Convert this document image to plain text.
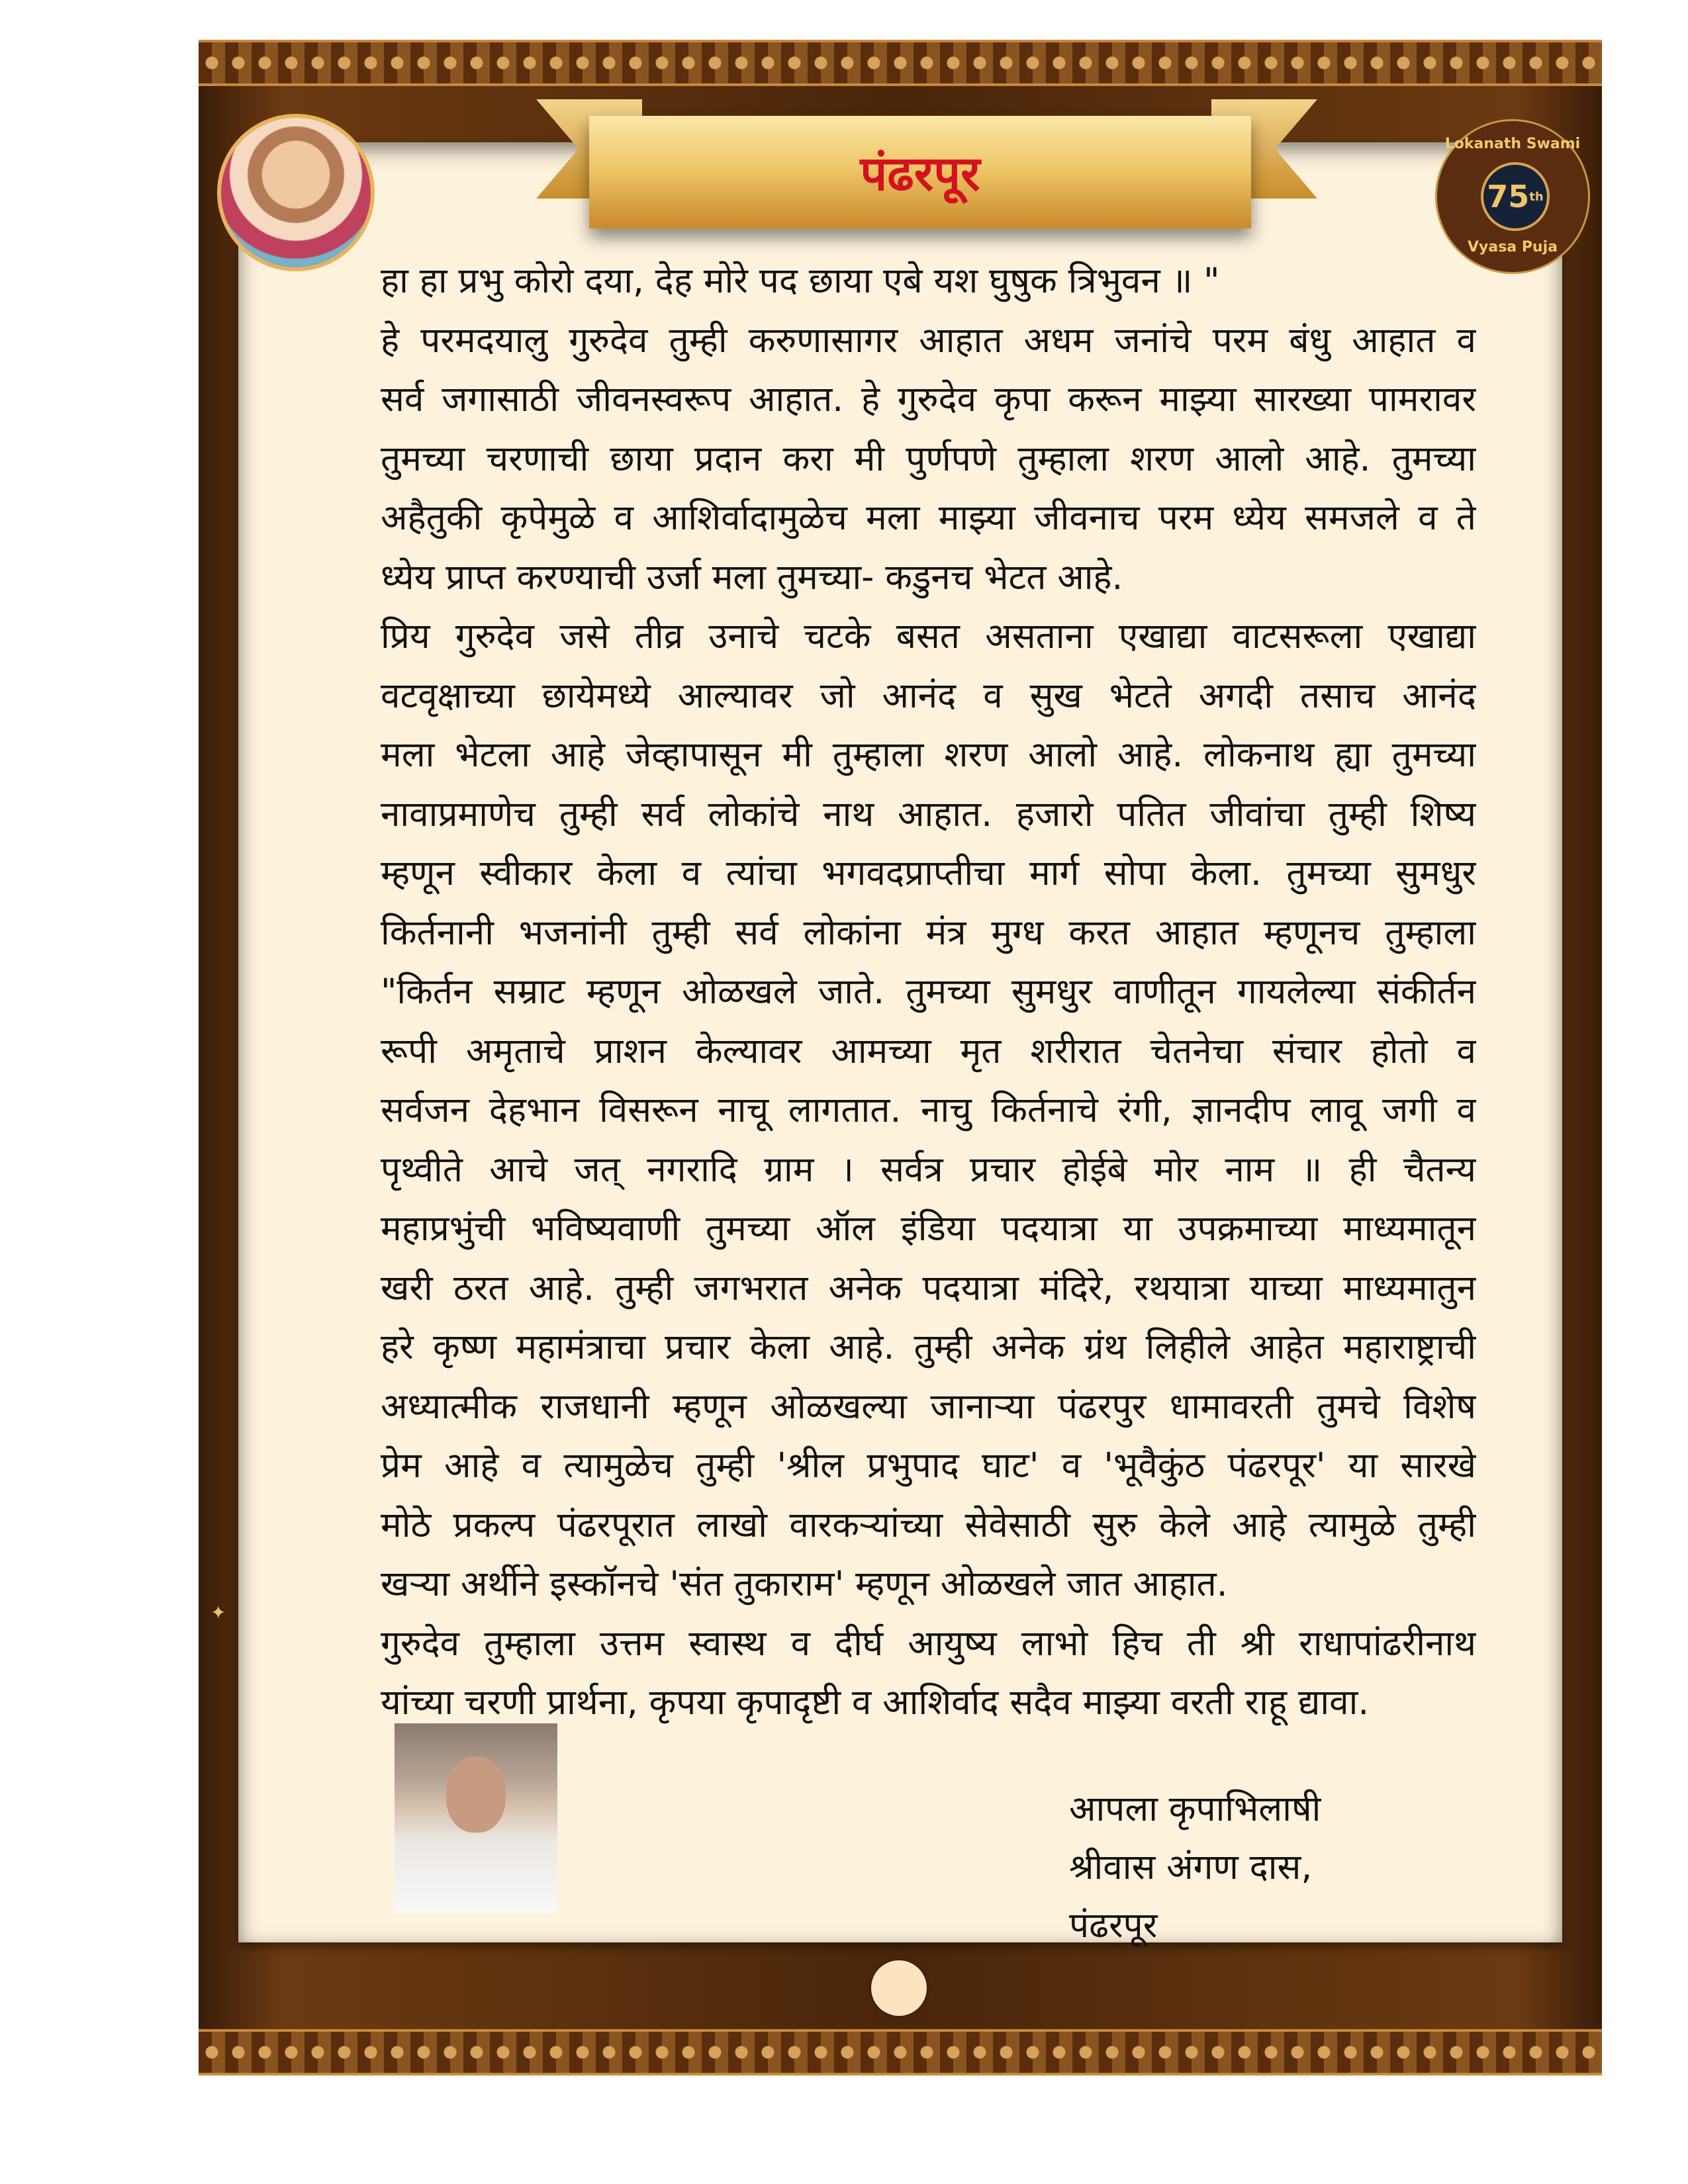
पंढरपूर	75 th
Lokanath Swami
Vyasa Puja
हा हा प्रभु कोरो दया, देह मोरे पद छाया एबे यश घुषुक त्रिभुवन ॥ "
हे परमदयालु गुरुदेव तुम्ही करुणासागर आहात अधम जनांचे परम बंधु आहात व
सर्व जगासाठी जीवनस्वरूप आहात. हे गुरुदेव कृपा करून माझ्या सारख्या पामरावर
तुमच्या चरणाची छाया प्रदान करा मी पुर्णपणे तुम्हाला शरण आलो आहे. तुमच्या
अहैतुकी कृपेमुळे व आशिर्वादामुळेच मला माझ्या जीवनाच परम ध्येय समजले व ते
ध्येय प्राप्त करण्याची उर्जा मला तुमच्या- कडुनच भेटत आहे.
प्रिय गुरुदेव जसे तीव्र उनाचे चटके बसत असताना एखाद्या वाटसरूला एखाद्या
वटवृक्षाच्या छायेमध्ये आल्यावर जो आनंद व सुख भेटते अगदी तसाच आनंद
मला भेटला आहे जेव्हापासून मी तुम्हाला शरण आलो आहे. लोकनाथ ह्या तुमच्या
नावाप्रमाणेच तुम्ही सर्व लोकांचे नाथ आहात. हजारो पतित जीवांचा तुम्ही शिष्य
म्हणून स्वीकार केला व त्यांचा भगवदप्राप्तीचा मार्ग सोपा केला. तुमच्या सुमधुर
किर्तनानी भजनांनी तुम्ही सर्व लोकांना मंत्र मुग्ध करत आहात म्हणूनच तुम्हाला
"किर्तन सम्राट म्हणून ओळखले जाते. तुमच्या सुमधुर वाणीतून गायलेल्या संकीर्तन
रूपी अमृताचे प्राशन केल्यावर आमच्या मृत शरीरात चेतनेचा संचार होतो व
सर्वजन देहभान विसरून नाचू लागतात. नाचु किर्तनाचे रंगी, ज्ञानदीप लावू जगी व
पृथ्वीते आचे जत् नगरादि ग्राम । सर्वत्र प्रचार होईबे मोर नाम ॥ ही चैतन्य
महाप्रभुंची भविष्यवाणी तुमच्या ऑल इंडिया पदयात्रा या उपक्रमाच्या माध्यमातून
खरी ठरत आहे. तुम्ही जगभरात अनेक पदयात्रा मंदिरे, रथयात्रा याच्या माध्यमातुन
हरे कृष्ण महामंत्राचा प्रचार केला आहे. तुम्ही अनेक ग्रंथ लिहीले आहेत महाराष्ट्राची
अध्यात्मीक राजधानी म्हणून ओळखल्या जानाऱ्या पंढरपुर धामावरती तुमचे विशेष
प्रेम आहे व त्यामुळेच तुम्ही 'श्रील प्रभुपाद घाट' व 'भूवैकुंठ पंढरपूर' या सारखे
मोठे प्रकल्प पंढरपूरात लाखो वारकऱ्यांच्या सेवेसाठी सुरु केले आहे त्यामुळे तुम्ही
खऱ्या अर्थीने इस्कॉनचे 'संत तुकाराम' म्हणून ओळखले जात आहात.
गुरुदेव तुम्हाला उत्तम स्वास्थ व दीर्घ आयुष्य लाभो हिच ती श्री राधापांढरीनाथ
यांच्या चरणी प्रार्थना, कृपया कृपादृष्टी व आशिर्वाद सदैव माझ्या वरती राहू द्यावा.
आपला कृपाभिलाषी
श्रीवास अंगण दास,
पंढरपूर
✦
